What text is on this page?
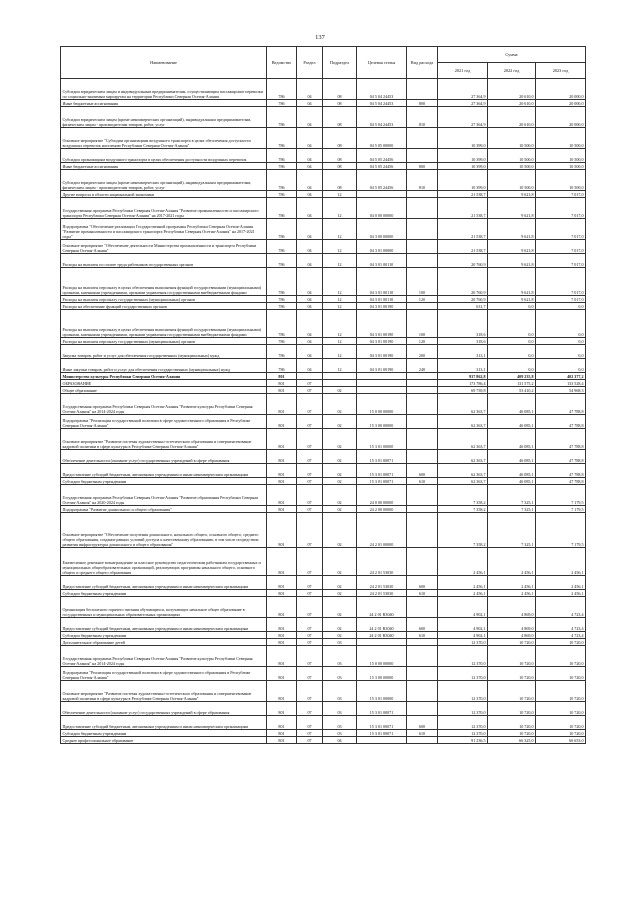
137
Наименование	Ведомство	Раздел	Подраздел	Целевая статья	Вид расхода	Сумма		
						2021 год	2022 год	2023 год
Субсидии юридическим лицам и индивидуальным предпринимателям, осуществляющим пассажирские перевозки по социально-значимым маршрутам на территории Республики Северная Осетия-Алания	786	04	08	04 5 04 24453		27 364,9	20 610,0	20 000,0
Иные бюджетные ассигнования	786	04	08	04 5 04 24453	800	27 364,9	20 610,0	20 000,0
Субсидии юридическим лицам (кроме некоммерческих организаций), индивидуальным предпринимателям, физическим лицам - производителям товаров, работ, услуг	786	04	08	04 5 04 24453	810	27 364,9	20 610,0	20 000,0
Основное мероприятие "Субсидии организациям воздушного транспорта в целях обеспечения доступности воздушных перевозок населению Республики Северная Осетия-Алания"	786	04	08	04 5 05 00000		10 399,0	10 500,0	10 500,0
Субсидии организациям воздушного транспорта в целях обеспечения доступности воздушных перевозок	786	04	08	04 5 05 24456		10 399,0	10 500,0	10 500,0
Иные бюджетные ассигнования	786	04	08	04 5 05 24456	800	10 399,0	10 500,0	10 500,0
Субсидии юридическим лицам (кроме некоммерческих организаций), индивидуальным предпринимателям, физическим лицам - производителям товаров, работ, услуг	786	04	08	04 5 05 24456	810	10 399,0	10 500,0	10 500,0
Другие вопросы в области национальной экономики	786	04	12			21 538,7	9 621,8	7 017,0
Государственная программа Республики Северная Осетия-Алания "Развитие промышленности и пассажирского транспорта Республики Северная Осетия-Алания" на 2017-2021 годы	786	04	12	04 0 00 00000		21 538,7	9 621,8	7 017,0
Подпрограмма "Обеспечение реализации Государственной программы Республики Северная Осетия-Алания "Развитие промышленности и пассажирского транспорта Республики Северная Осетия-Алания" на 2017-2021 годы"	786	04	12	04 3 00 00000		21 538,7	9 621,8	7 017,0
Основное мероприятие "Обеспечение деятельности Министерства промышленности и транспорта Республики Северная Осетия-Алания"	786	04	12	04 3 01 00000		21 538,7	9 621,8	7 017,0
Расходы на выплаты по оплате труда работников государственных органов	786	04	12	04 3 01 00110		20 760,9	9 621,8	7 017,0
Расходы на выплаты персоналу в целях обеспечения выполнения функций государственными (муниципальными) органами, казенными учреждениями, органами управления государственными внебюджетными фондами	786	04	12	04 3 01 00110	100	20 760,9	9 621,8	7 017,0
Расходы на выплаты персоналу государственных (муниципальных) органов	786	04	12	04 3 01 00110	120	20 760,9	9 621,8	7 017,0
Расходы на обеспечение функций государственных органов	786	04	12	04 3 01 00190		631,7	0,0	0,0
Расходы на выплаты персоналу в целях обеспечения выполнения функций государственными (муниципальными) органами, казенными учреждениями, органами управления государственными внебюджетными фондами	786	04	12	04 3 01 00190	100	318,6	0,0	0,0
Расходы на выплаты персоналу государственных (муниципальных) органов	786	04	12	04 3 01 00190	120	318,6	0,0	0,0
Закупка товаров, работ и услуг для обеспечения государственных (муниципальных) нужд	786	04	12	04 3 01 00190	200	313,1	0,0	0,0
Иные закупки товаров, работ и услуг для обеспечения государственных (муниципальных) нужд	786	04	12	04 3 01 00190	240	313,1	0,0	0,0
Министерство культуры Республики Северная Осетия-Алания	801					937 862,8	409 235,8	402 377,2
ОБРАЗОВАНИЕ	801	07				173 786,4	131 575,2	133 528,4
Общее образование	801	07	02			69 739,8	53 410,2	54 968,3
Государственная программа Республики Северная Осетия-Алания "Развитие культуры Республики Северная Осетия-Алания" на 2014-2024 годы	801	07	02	15 0 00 00000		62 363,7	46 085,1	47 788,8
Подпрограмма "Реализация государственной политики в сфере художественного образования в Республике Северная Осетия-Алания"	801	07	02	15 3 00 00000		62 363,7	46 085,1	47 788,8
Основное мероприятие "Развитие системы художественно-эстетического образования и совершенствование кадровой политики в сфере культуры в Республике Северная Осетия-Алания"	801	07	02	15 3 01 00000		62 363,7	46 085,1	47 788,8
Обеспечение деятельности (оказание услуг) государственных учреждений в сфере образования	801	07	02	15 3 01 00071		62 363,7	46 085,1	47 788,8
Предоставление субсидий бюджетным, автономным учреждениям и иным некоммерческим организациям	801	07	02	15 3 01 00071	600	62 363,7	46 085,1	47 788,8
Субсидии бюджетным учреждениям	801	07	02	15 3 01 00071	610	62 363,7	46 085,1	47 788,8
Государственная программа Республики Северная Осетия-Алания "Развитие образования Республики Северная Осетия-Алания" на 2020-2024 годы	801	07	02	24 0 00 00000		7 358,2	7 325,1	7 179,5
Подпрограмма "Развитие дошкольного и общего образования"	801	07	02	24 2 00 00000		7 358,2	7 325,1	7 179,5
Основное мероприятие "Обеспечение получения дошкольного, начального общего, основного общего, среднего общего образования, создание равных условий доступа к качественному образованию, в том числе посредством развития инфраструктуры дошкольного и общего образования"	801	07	02	24 2 01 00000		7 358,2	7 325,1	7 179,5
Ежемесячное денежное вознаграждение за классное руководство педагогическим работникам государственных и муниципальных общеобразовательных организаций, реализующих программы начального общего, основного общего и среднего общего образования	801	07	02	24 2 01 53030		2 456,1	2 456,1	2 456,1
Предоставление субсидий бюджетным, автономным учреждениям и иным некоммерческим организациям	801	07	02	24 2 01 53030	600	2 456,1	2 456,1	2 456,1
Субсидии бюджетным учреждениям	801	07	02	24 2 01 53030	610	2 456,1	2 456,1	2 456,1
Организация бесплатного горячего питания обучающихся, получающих начальное общее образование в государственных и муниципальных образовательных организациях	801	07	02	24 2 01 R3040		4 902,1	4 869,0	4 723,4
Предоставление субсидий бюджетным, автономным учреждениям и иным некоммерческим организациям	801	07	02	24 2 01 R3040	600	4 902,1	4 869,0	4 723,4
Субсидии бюджетным учреждениям	801	07	02	24 2 01 R3040	610	4 902,1	4 869,0	4 723,4
Дополнительное образование детей	801	07	03			12 370,0	10 720,0	10 720,0
Государственная программа Республики Северная Осетия-Алания "Развитие культуры Республики Северная Осетия-Алания" на 2014-2024 годы	801	07	03	15 0 00 00000		12 370,0	10 720,0	10 720,0
Подпрограмма "Реализация государственной политики в сфере художественного образования в Республике Северная Осетия-Алания"	801	07	03	15 3 00 00000		12 370,0	10 720,0	10 720,0
Основное мероприятие "Развитие системы художественно-эстетического образования и совершенствование кадровой политики в сфере культуры в Республике Северная Осетия-Алания"	801	07	03	15 3 01 00000		12 370,0	10 720,0	10 720,0
Обеспечение деятельности (оказание услуг) государственных учреждений в сфере образования	801	07	03	15 3 01 00071		12 370,0	10 720,0	10 720,0
Предоставление субсидий бюджетным, автономным учреждениям и иным некоммерческим организациям	801	07	03	15 3 01 00071	600	12 370,0	10 720,0	10 720,0
Субсидии бюджетным учреждениям	801	07	03	15 3 01 00071	610	12 370,0	10 720,0	10 720,0
Среднее профессиональное образование	801	07	04			91 236,5	66 325,0	66 653,0
